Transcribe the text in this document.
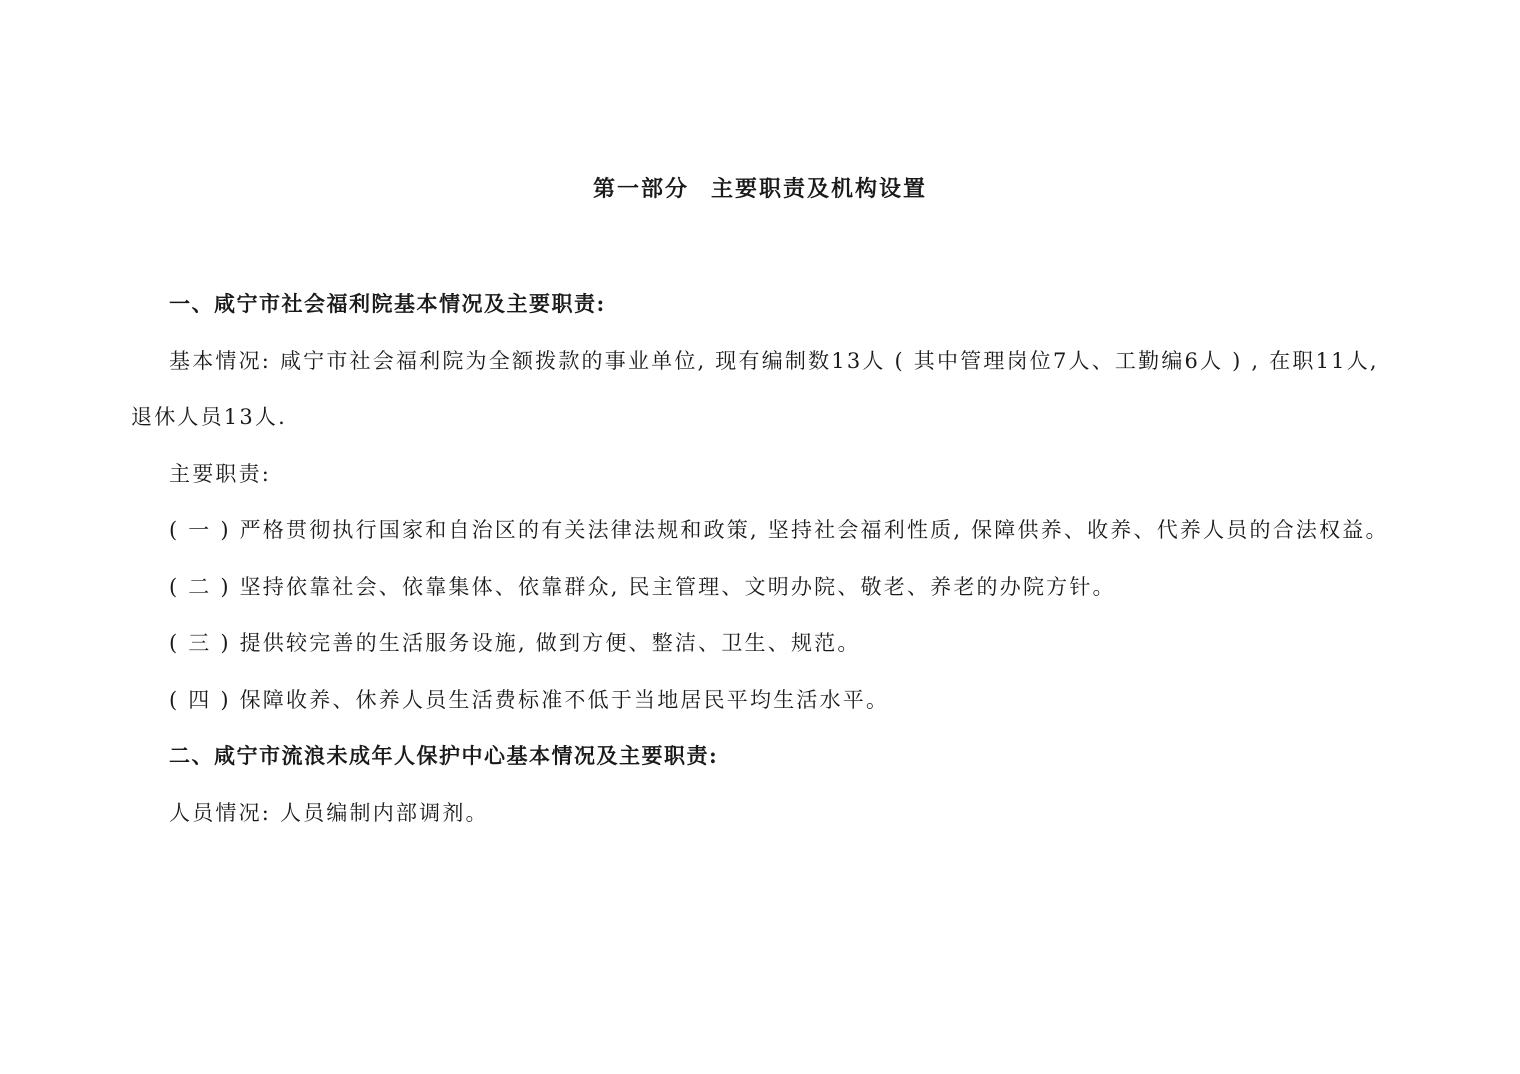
第一部分 主要职责及机构设置

一、咸宁市社会福利院基本情况及主要职责:

基本情况: 咸宁市社会福利院为全额拨款的事业单位, 现有编制数13人 ( 其中管理岗位7人、工勤编6人 ) , 在职11人, 退休人员13人.

主要职责:

( 一 ) 严格贯彻执行国家和自治区的有关法律法规和政策, 坚持社会福利性质, 保障供养、收养、代养人员的合法权益。

( 二 ) 坚持依靠社会、依靠集体、依靠群众, 民主管理、文明办院、敬老、养老的办院方针。

( 三 ) 提供较完善的生活服务设施, 做到方便、整洁、卫生、规范。

( 四 ) 保障收养、休养人员生活费标准不低于当地居民平均生活水平。

二、咸宁市流浪未成年人保护中心基本情况及主要职责:

人员情况: 人员编制内部调剂。
